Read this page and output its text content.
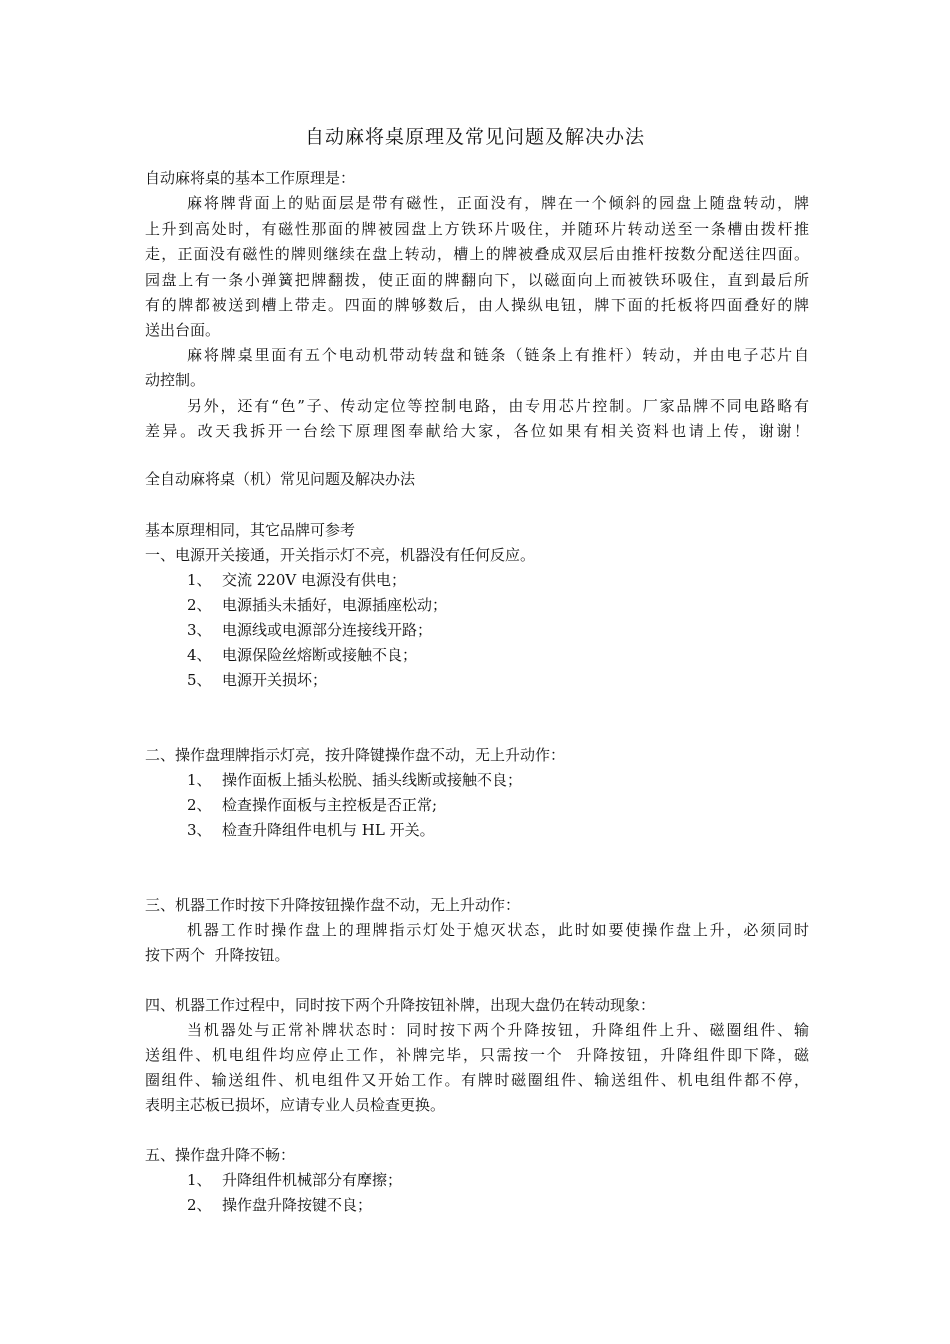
自动麻将桌原理及常见问题及解决办法
自动麻将桌的基本工作原理是：
麻将牌背面上的贴面层是带有磁性，正面没有，牌在一个倾斜的园盘上随盘转动，牌
上升到高处时，有磁性那面的牌被园盘上方铁环片吸住，并随环片转动送至一条槽由拨杆推
走，正面没有磁性的牌则继续在盘上转动，槽上的牌被叠成双层后由推杆按数分配送往四面。
园盘上有一条小弹簧把牌翻拨，使正面的牌翻向下，以磁面向上而被铁环吸住，直到最后所
有的牌都被送到槽上带走。四面的牌够数后，由人操纵电钮，牌下面的托板将四面叠好的牌
送出台面。
麻将牌桌里面有五个电动机带动转盘和链条（链条上有推杆）转动，并由电子芯片自
动控制。
另外，还有“色”子、传动定位等控制电路，由专用芯片控制。厂家品牌不同电路略有
差异。改天我拆开一台绘下原理图奉献给大家，各位如果有相关资料也请上传，谢谢！
全自动麻将桌（机）常见问题及解决办法
基本原理相同，其它品牌可参考
一、电源开关接通，开关指示灯不亮，机器没有任何反应。
1、 交流 220V 电源没有供电；
2、 电源插头未插好，电源插座松动；
3、 电源线或电源部分连接线开路；
4、 电源保险丝熔断或接触不良；
5、 电源开关损坏；
二、操作盘理牌指示灯亮，按升降键操作盘不动，无上升动作：
1、 操作面板上插头松脱、插头线断或接触不良；
2、 检查操作面板与主控板是否正常;
3、 检查升降组件电机与 HL 开关。
三、机器工作时按下升降按钮操作盘不动，无上升动作：
机器工作时操作盘上的理牌指示灯处于熄灭状态，此时如要使操作盘上升，必须同时
按下两个  升降按钮。
四、机器工作过程中，同时按下两个升降按钮补牌，出现大盘仍在转动现象：
当机器处与正常补牌状态时：同时按下两个升降按钮，升降组件上升、磁圈组件、输
送组件、机电组件均应停止工作，补牌完毕，只需按一个  升降按钮，升降组件即下降，磁
圈组件、输送组件、机电组件又开始工作。有牌时磁圈组件、输送组件、机电组件都不停，
表明主芯板已损坏，应请专业人员检查更换。
五、操作盘升降不畅：
1、 升降组件机械部分有摩擦；
2、 操作盘升降按键不良；
